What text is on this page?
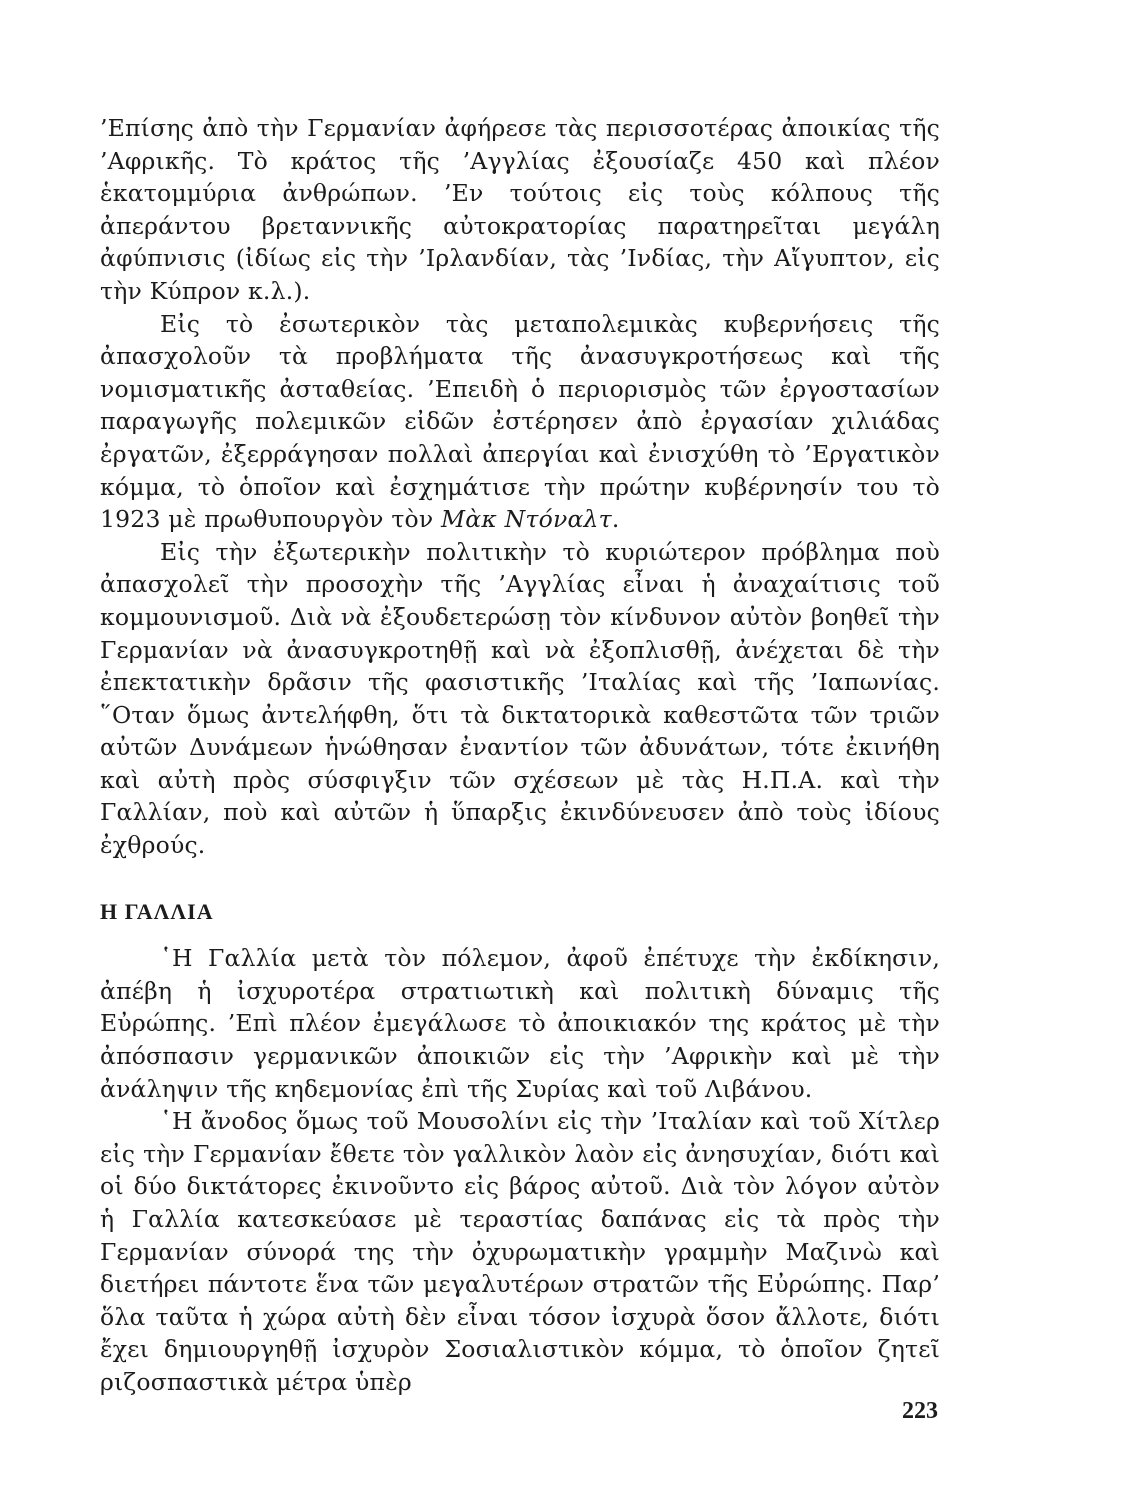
’Επίσης ἀπὸ τὴν Γερμανίαν ἀφήρεσε τὰς περισσοτέρας ἀποικίας τῆς ’Αφρικῆς. Τὸ κράτος τῆς ’Αγγλίας ἐξουσίαζε 450 καὶ πλέον ἑκατομμύρια ἀνθρώπων. ’Εν τούτοις εἰς τοὺς κόλπους τῆς ἀπεράντου βρεταννικῆς αὐτοκρατορίας παρατηρεῖται μεγάλη ἀφύπνισις (ἰδίως εἰς τὴν ’Ιρλανδίαν, τὰς ’Ινδίας, τὴν Αἴγυπτον, εἰς τὴν Κύπρον κ.λ.).

Εἰς τὸ ἐσωτερικὸν τὰς μεταπολεμικὰς κυβερνήσεις τῆς ἀπασχολοῦν τὰ προβλήματα τῆς ἀνασυγκροτήσεως καὶ τῆς νομισματικῆς ἀσταθείας. ’Επειδὴ ὁ περιορισμὸς τῶν ἐργοστασίων παραγωγῆς πολεμικῶν εἰδῶν ἐστέρησεν ἀπὸ ἐργασίαν χιλιάδας ἐργατῶν, ἐξερράγησαν πολλαὶ ἀπεργίαι καὶ ἐνισχύθη τὸ ’Εργατικὸν κόμμα, τὸ ὁποῖον καὶ ἐσχημάτισε τὴν πρώτην κυβέρνησίν του τὸ 1923 μὲ πρωθυπουργὸν τὸν Μὰκ Ντόναλτ.

Εἰς τὴν ἐξωτερικὴν πολιτικὴν τὸ κυριώτερον πρόβλημα ποὺ ἀπασχολεῖ τὴν προσοχὴν τῆς ’Αγγλίας εἶναι ἡ ἀναχαίτισις τοῦ κομμουνισμοῦ. Διὰ νὰ ἐξουδετερώσῃ τὸν κίνδυνον αὐτὸν βοηθεῖ τὴν Γερμανίαν νὰ ἀνασυγκροτηθῇ καὶ νὰ ἐξοπλισθῇ, ἀνέχεται δὲ τὴν ἐπεκτατικὴν δρᾶσιν τῆς φασιστικῆς ’Ιταλίας καὶ τῆς ’Ιαπωνίας. ῞Οταν ὅμως ἀντελήφθη, ὅτι τὰ δικτατορικὰ καθεστῶτα τῶν τριῶν αὐτῶν Δυνάμεων ἡνώθησαν ἐναντίον τῶν ἀδυνάτων, τότε ἐκινήθη καὶ αὐτὴ πρὸς σύσφιγξιν τῶν σχέσεων μὲ τὰς Η.Π.Α. καὶ τὴν Γαλλίαν, ποὺ καὶ αὐτῶν ἡ ὕπαρξις ἐκινδύνευσεν ἀπὸ τοὺς ἰδίους ἐχθρούς.

Η ΓΑΛΛΙΑ

῾Η Γαλλία μετὰ τὸν πόλεμον, ἀφοῦ ἐπέτυχε τὴν ἐκδίκησιν, ἀπέβη ἡ ἰσχυροτέρα στρατιωτικὴ καὶ πολιτικὴ δύναμις τῆς Εὐρώπης. ’Επὶ πλέον ἐμεγάλωσε τὸ ἀποικιακόν της κράτος μὲ τὴν ἀπόσπασιν γερμανικῶν ἀποικιῶν εἰς τὴν ’Αφρικὴν καὶ μὲ τὴν ἀνάληψιν τῆς κηδεμονίας ἐπὶ τῆς Συρίας καὶ τοῦ Λιβάνου.

῾Η ἄνοδος ὅμως τοῦ Μουσολίνι εἰς τὴν ’Ιταλίαν καὶ τοῦ Χίτλερ εἰς τὴν Γερμανίαν ἔθετε τὸν γαλλικὸν λαὸν εἰς ἀνησυχίαν, διότι καὶ οἱ δύο δικτάτορες ἐκινοῦντο εἰς βάρος αὐτοῦ. Διὰ τὸν λόγον αὐτὸν ἡ Γαλλία κατεσκεύασε μὲ τεραστίας δαπάνας εἰς τὰ πρὸς τὴν Γερμανίαν σύνορά της τὴν ὀχυρωματικὴν γραμμὴν Μαζινὼ καὶ διετήρει πάντοτε ἕνα τῶν μεγαλυτέρων στρατῶν τῆς Εὐρώπης. Παρ’ ὅλα ταῦτα ἡ χώρα αὐτὴ δὲν εἶναι τόσον ἰσχυρὰ ὅσον ἄλλοτε, διότι ἔχει δημιουργηθῇ ἰσχυρὸν Σοσιαλιστικὸν κόμμα, τὸ ὁποῖον ζητεῖ ριζοσπαστικὰ μέτρα ὑπὲρ

223
